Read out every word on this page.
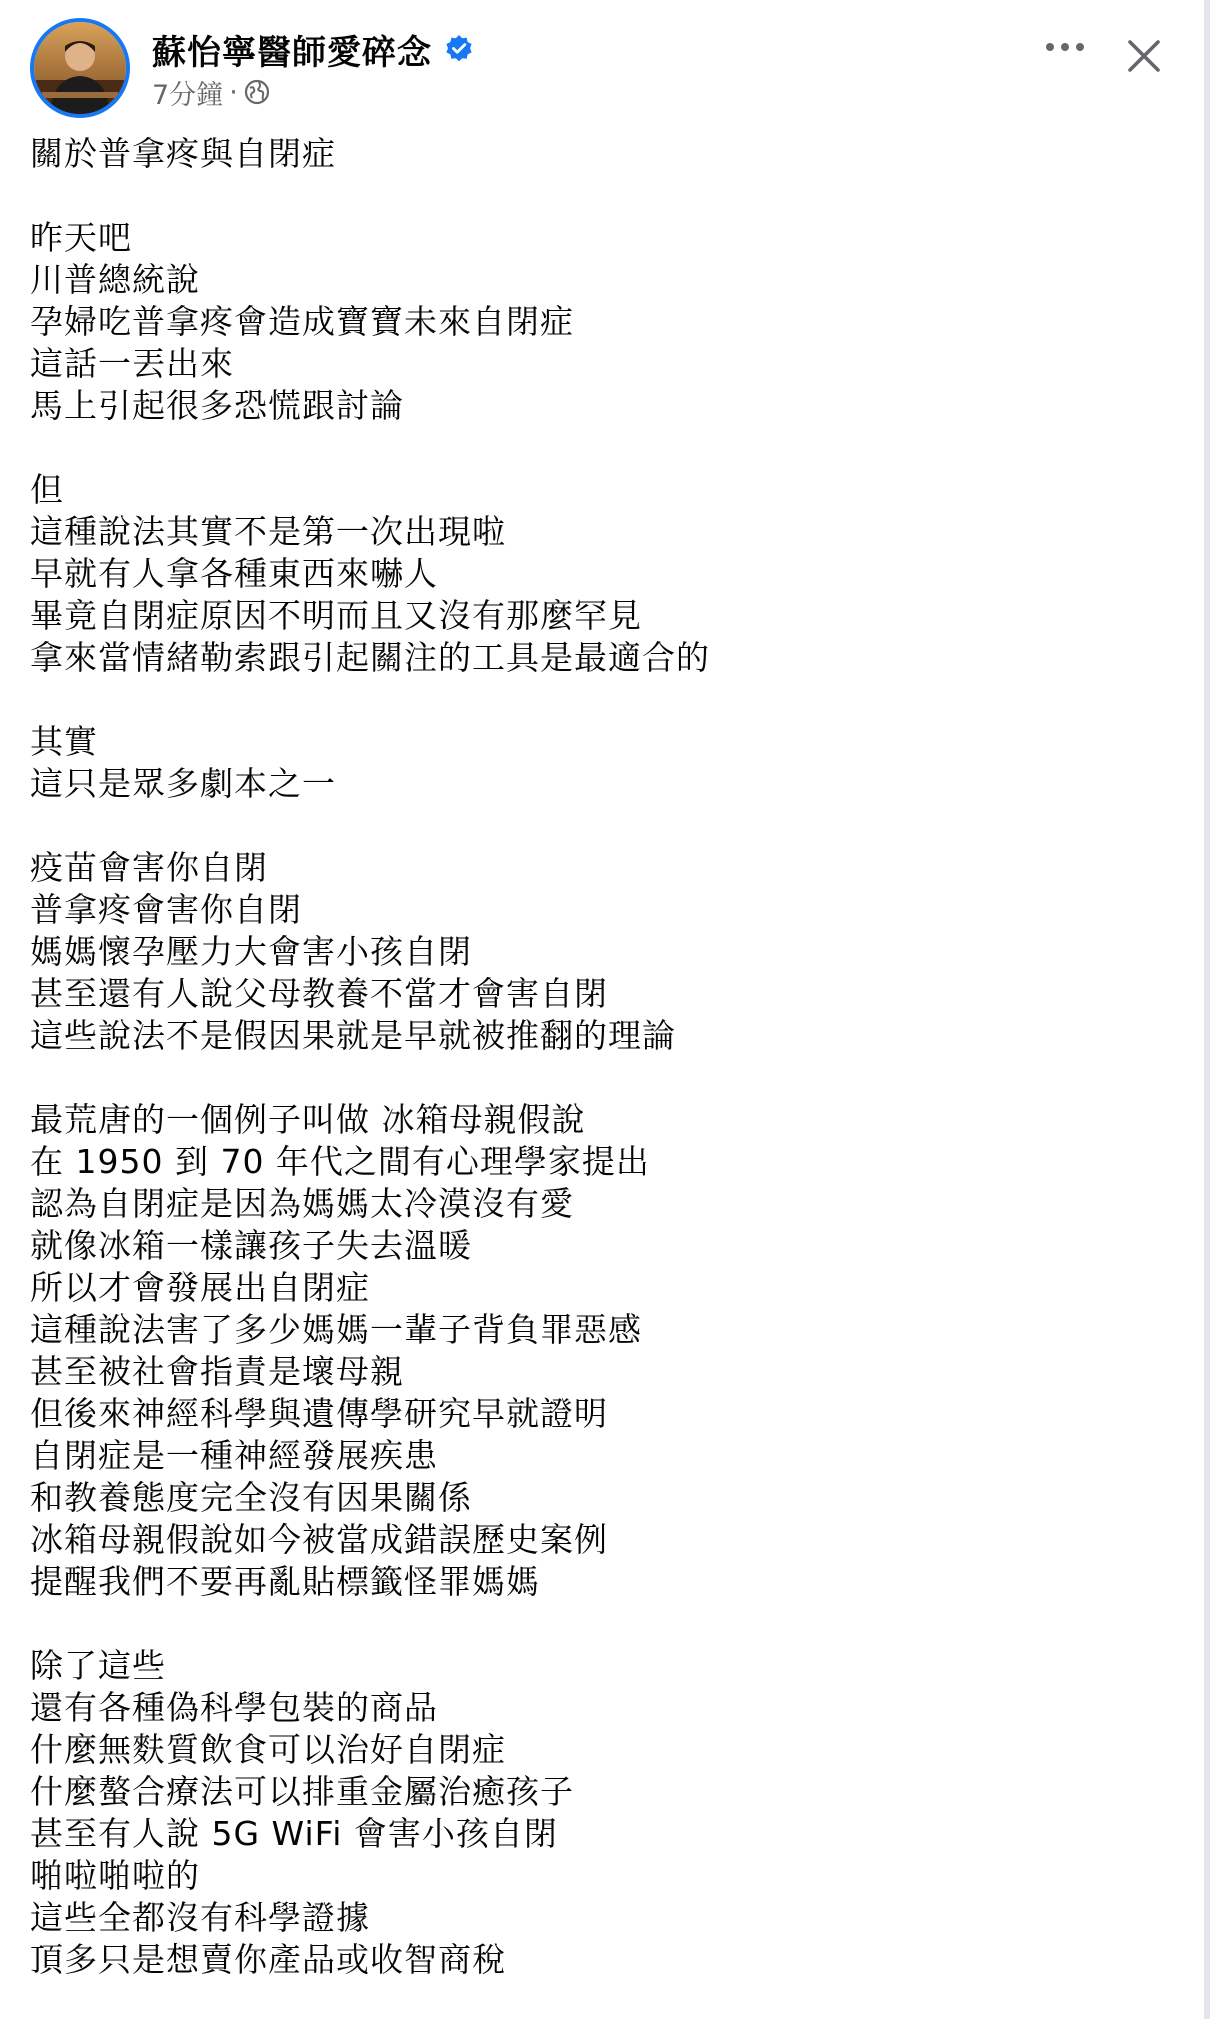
蘇怡寧醫師愛碎念
7分鐘 ·
關於普拿疼與自閉症
昨天吧
川普總統說
孕婦吃普拿疼會造成寶寶未來自閉症
這話一丟出來
馬上引起很多恐慌跟討論
但
這種說法其實不是第一次出現啦
早就有人拿各種東西來嚇人
畢竟自閉症原因不明而且又沒有那麼罕見
拿來當情緒勒索跟引起關注的工具是最適合的
其實
這只是眾多劇本之一
疫苗會害你自閉
普拿疼會害你自閉
媽媽懷孕壓力大會害小孩自閉
甚至還有人說父母教養不當才會害自閉
這些說法不是假因果就是早就被推翻的理論
最荒唐的一個例子叫做 冰箱母親假說
在 1950 到 70 年代之間有心理學家提出
認為自閉症是因為媽媽太冷漠沒有愛
就像冰箱一樣讓孩子失去溫暖
所以才會發展出自閉症
這種說法害了多少媽媽一輩子背負罪惡感
甚至被社會指責是壞母親
但後來神經科學與遺傳學研究早就證明
自閉症是一種神經發展疾患
和教養態度完全沒有因果關係
冰箱母親假說如今被當成錯誤歷史案例
提醒我們不要再亂貼標籤怪罪媽媽
除了這些
還有各種偽科學包裝的商品
什麼無麩質飲食可以治好自閉症
什麼螯合療法可以排重金屬治癒孩子
甚至有人說 5G WiFi 會害小孩自閉
啪啦啪啦的
這些全都沒有科學證據
頂多只是想賣你產品或收智商稅
